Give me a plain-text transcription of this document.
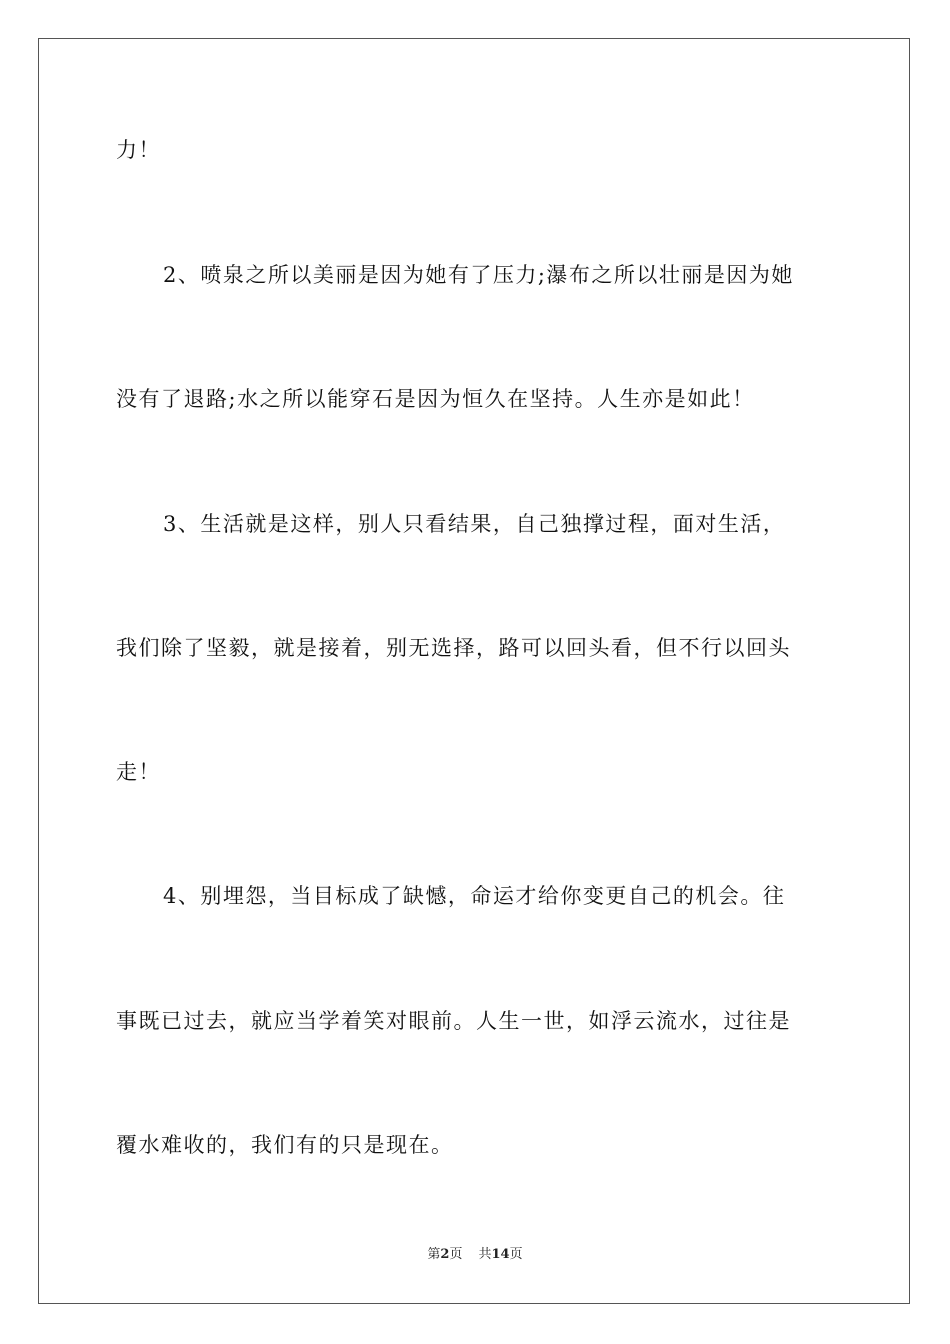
力！
2、喷泉之所以美丽是因为她有了压力;瀑布之所以壮丽是因为她
没有了退路;水之所以能穿石是因为恒久在坚持。人生亦是如此！
3、生活就是这样，别人只看结果，自己独撑过程，面对生活，
我们除了坚毅，就是接着，别无选择，路可以回头看，但不行以回头
走！
4、别埋怨，当目标成了缺憾，命运才给你变更自己的机会。往
事既已过去，就应当学着笑对眼前。人生一世，如浮云流水，过往是
覆水难收的，我们有的只是现在。
第2页 共14页
